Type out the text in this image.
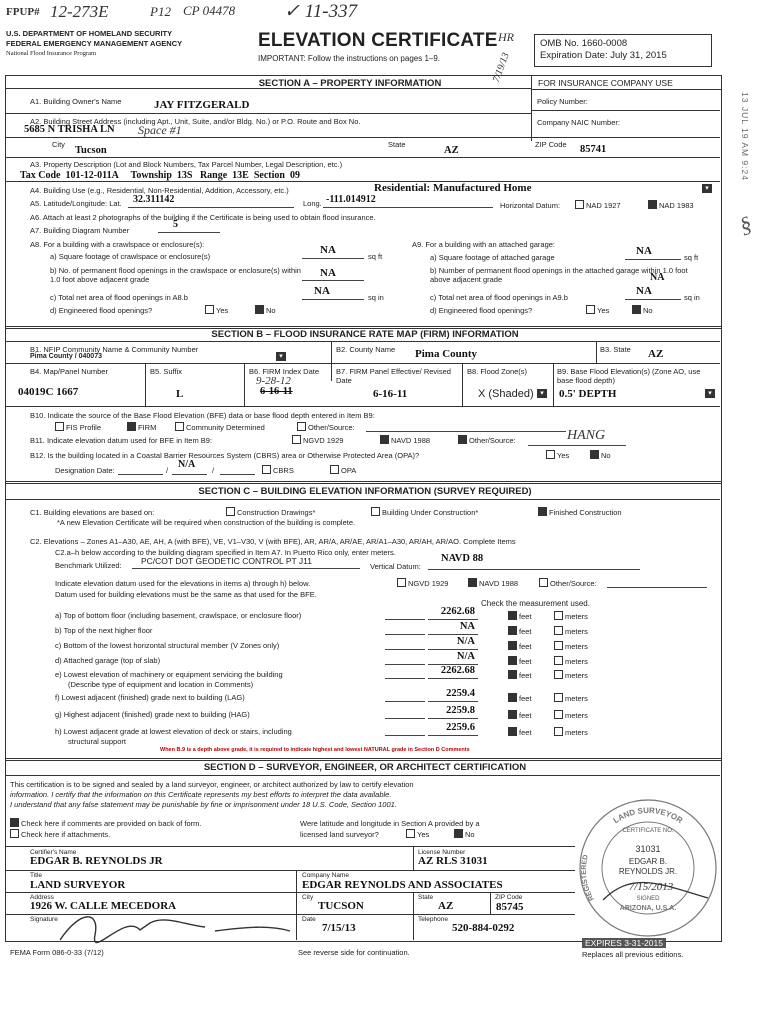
FPUP# 12-273E	P12 CP 04478	✓ 11-337
HR
7/19/13
U.S. DEPARTMENT OF HOMELAND SECURITY
FEDERAL EMERGENCY MANAGEMENT AGENCY
National Flood Insurance Program
ELEVATION CERTIFICATE
IMPORTANT: Follow the instructions on pages 1–9.
OMB No. 1660-0008
Expiration Date: July 31, 2015
13 JUL 19 AM 9:24
§
SECTION A – PROPERTY INFORMATION	FOR INSURANCE COMPANY USE
Policy Number:
Company NAIC Number:
A1. Building Owner's Name	JAY FITZGERALD
A2. Building Street Address (including Apt., Unit, Suite, and/or Bldg. No.) or P.O. Route and Box No.
5685 N TRISHA LN Space #1
City
Tucson
State
AZ
ZIP Code 85741
A3. Property Description (Lot and Block Numbers, Tax Parcel Number, Legal Description, etc.)
Tax Code  101-12-011A     Township  13S   Range  13E  Section  09
A4. Building Use (e.g., Residential, Non-Residential, Addition, Accessory, etc.)	Residential: Manufactured Home	▾
A5. Latitude/Longitude: Lat. 32.311142	Long. -111.014912
Horizontal Datum:	NAD 1927	NAD 1983
A6. Attach at least 2 photographs of the building if the Certificate is being used to obtain flood insurance.
A7. Building Diagram Number
5
A8. For a building with a crawlspace or enclosure(s):
a) Square footage of crawlspace or enclosure(s)
NA
sq ft
b) No. of permanent flood openings in the crawlspace or enclosure(s) within 1.0 foot above adjacent grade
NA
c) Total net area of flood openings in A8.b
NA
sq in
d) Engineered flood openings?	Yes	No
A9. For a building with an attached garage:
a) Square footage of attached garage
NA
sq ft
b) Number of permanent flood openings in the attached garage within 1.0 foot above adjacent grade	NA
c) Total net area of flood openings in A9.b
NA
sq in
d) Engineered flood openings?	Yes	No
SECTION B – FLOOD INSURANCE RATE MAP (FIRM) INFORMATION
B1. NFIP Community Name & Community Number
Pima County / 040073	▾
B2. County Name Pima County	B3. State AZ
B4. Map/Panel Number
04019C 1667
B5. Suffix
L
B6. FIRM Index Date
9-28-12
6-16-11
B7. FIRM Panel Effective/ Revised Date
6-16-11
B8. Flood Zone(s)
X (Shaded) ▾
B9. Base Flood Elevation(s) (Zone AO, use base flood depth)
0.5' DEPTH	▾
B10. Indicate the source of the Base Flood Elevation (BFE) data or base flood depth entered in Item B9:
FIS Profile	FIRM	Community Determined	Other/Source:
B11. Indicate elevation datum used for BFE in Item B9:	NGVD 1929	NAVD 1988	Other/Source:	HANG
B12. Is the building located in a Coastal Barrier Resources System (CBRS) area or Otherwise Protected Area (OPA)?	Yes	No
Designation Date:	/
N/A
/	CBRS	OPA
SECTION C – BUILDING ELEVATION INFORMATION (SURVEY REQUIRED)
C1. Building elevations are based on:	Construction Drawings*	Building Under Construction*	Finished Construction
*A new Elevation Certificate will be required when construction of the building is complete.
C2. Elevations – Zones A1–A30, AE, AH, A (with BFE), VE, V1–V30, V (with BFE), AR, AR/A, AR/AE, AR/A1–A30, AR/AH, AR/AO. Complete Items
C2.a–h below according to the building diagram specified in Item A7. In Puerto Rico only, enter meters.
Benchmark Utilized: PC/COT DOT GEODETIC CONTROL PT J11
Vertical Datum:
NAVD 88
Indicate elevation datum used for the elevations in items a) through h) below.	NGVD 1929	NAVD 1988	Other/Source:
Datum used for building elevations must be the same as that used for the BFE.
Check the measurement used.
a) Top of bottom floor (including basement, crawlspace, or enclosure floor)	2262.68	feet	meters
b) Top of the next higher floor	NA	feet	meters
c) Bottom of the lowest horizontal structural member (V Zones only)	N/A	feet	meters
d) Attached garage (top of slab)	N/A	feet	meters
e) Lowest elevation of machinery or equipment servicing the building
(Describe type of equipment and location in Comments)
2262.68	feet	meters
f) Lowest adjacent (finished) grade next to building (LAG)	2259.4	feet	meters
g) Highest adjacent (finished) grade next to building (HAG)	2259.8	feet	meters
h) Lowest adjacent grade at lowest elevation of deck or stairs, including
structural support
2259.6	feet	meters
When B.9 is a depth above grade, it is required to indicate highest and lowest NATURAL grade in Section D Comments
SECTION D – SURVEYOR, ENGINEER, OR ARCHITECT CERTIFICATION
This certification is to be signed and sealed by a land surveyor, engineer, or architect authorized by law to certify elevation
information. I certify that the information on this Certificate represents my best efforts to interpret the data available.
I understand that any false statement may be punishable by fine or imprisonment under 18 U.S. Code, Section 1001.
Check here if comments are provided on back of form.
Check here if attachments.
Were latitude and longitude in Section A provided by a
licensed land surveyor?	Yes	No
Certifier's Name
EDGAR B. REYNOLDS JR
License Number
AZ RLS 31031
Title
LAND SURVEYOR
Company Name
EDGAR REYNOLDS AND ASSOCIATES
Address
1926 W. CALLE MECEDORA
City
TUCSON
State
AZ
ZIP Code
85745
Signature	Date
7/15/13
Telephone
520-884-0292
LAND SURVEYOR
REGISTERED
CERTIFICATE NO.
31031
EDGAR B.
REYNOLDS JR.
7/15/2013
SIGNED
ARIZONA, U.S.A.
EXPIRES 3-31-2015
FEMA Form 086-0-33 (7/12)	See reverse side for continuation.	Replaces all previous editions.
